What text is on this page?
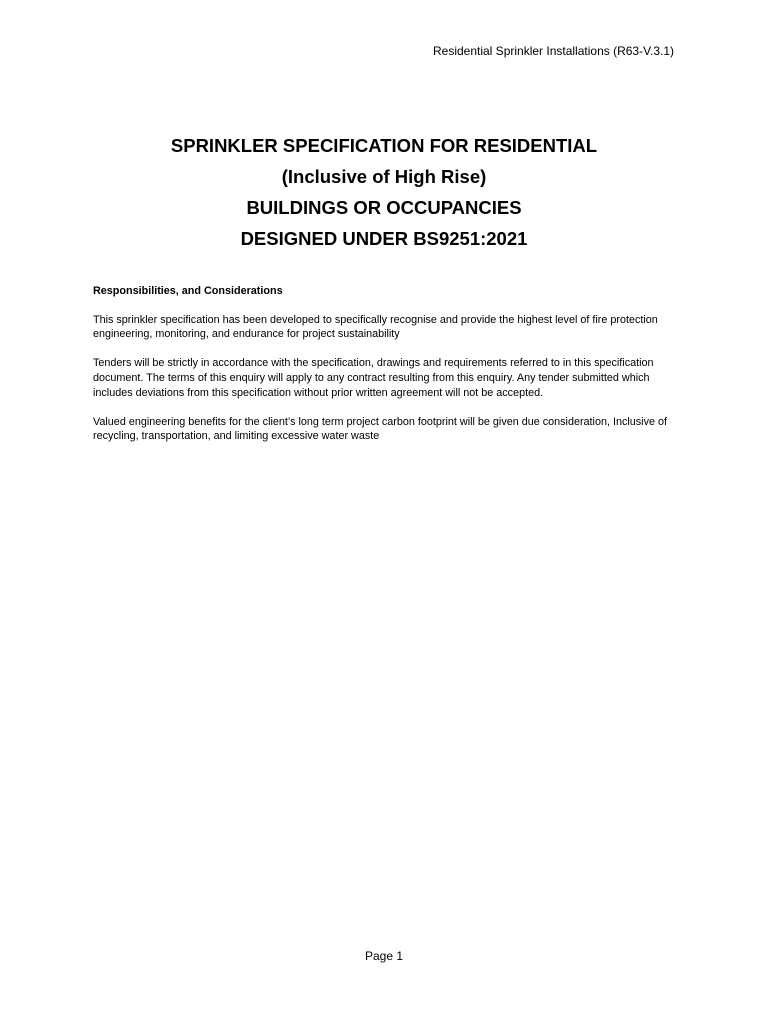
Residential Sprinkler Installations (R63-V.3.1)

SPRINKLER SPECIFICATION FOR RESIDENTIAL

(Inclusive of High Rise)

BUILDINGS OR OCCUPANCIES

DESIGNED UNDER BS9251:2021

Responsibilities, and Considerations

This sprinkler specification has been developed to specifically recognise and provide the highest level of fire protection engineering, monitoring, and endurance for project sustainability

Tenders will be strictly in accordance with the specification, drawings and requirements referred to in this specification document. The terms of this enquiry will apply to any contract resulting from this enquiry. Any tender submitted which includes deviations from this specification without prior written agreement will not be accepted.

Valued engineering benefits for the client’s long term project carbon footprint will be given due consideration, Inclusive of recycling, transportation, and limiting excessive water waste

Page 1
